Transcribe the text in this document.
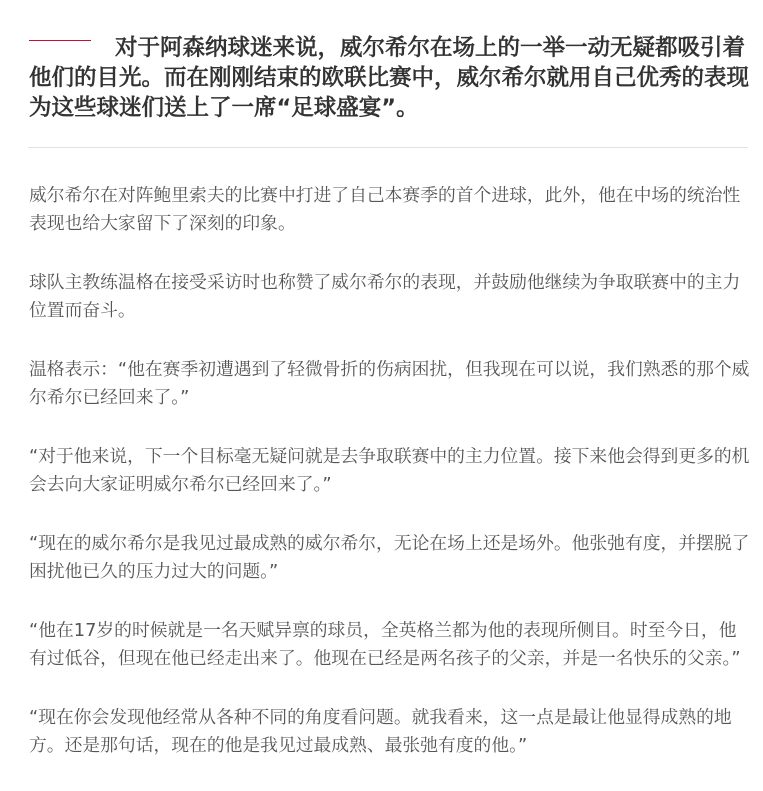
对于阿森纳球迷来说，威尔希尔在场上的一举一动无疑都吸引着他们的目光。而在刚刚结束的欧联比赛中，威尔希尔就用自己优秀的表现为这些球迷们送上了一席“足球盛宴”。

威尔希尔在对阵鲍里索夫的比赛中打进了自己本赛季的首个进球，此外，他在中场的统治性表现也给大家留下了深刻的印象。

球队主教练温格在接受采访时也称赞了威尔希尔的表现，并鼓励他继续为争取联赛中的主力位置而奋斗。

温格表示：“他在赛季初遭遇到了轻微骨折的伤病困扰，但我现在可以说，我们熟悉的那个威尔希尔已经回来了。”

“对于他来说，下一个目标毫无疑问就是去争取联赛中的主力位置。接下来他会得到更多的机会去向大家证明威尔希尔已经回来了。”

“现在的威尔希尔是我见过最成熟的威尔希尔，无论在场上还是场外。他张弛有度，并摆脱了困扰他已久的压力过大的问题。”

“他在17岁的时候就是一名天赋异禀的球员，全英格兰都为他的表现所侧目。时至今日，他有过低谷，但现在他已经走出来了。他现在已经是两名孩子的父亲，并是一名快乐的父亲。”

“现在你会发现他经常从各种不同的角度看问题。就我看来，这一点是最让他显得成熟的地方。还是那句话，现在的他是我见过最成熟、最张弛有度的他。”
